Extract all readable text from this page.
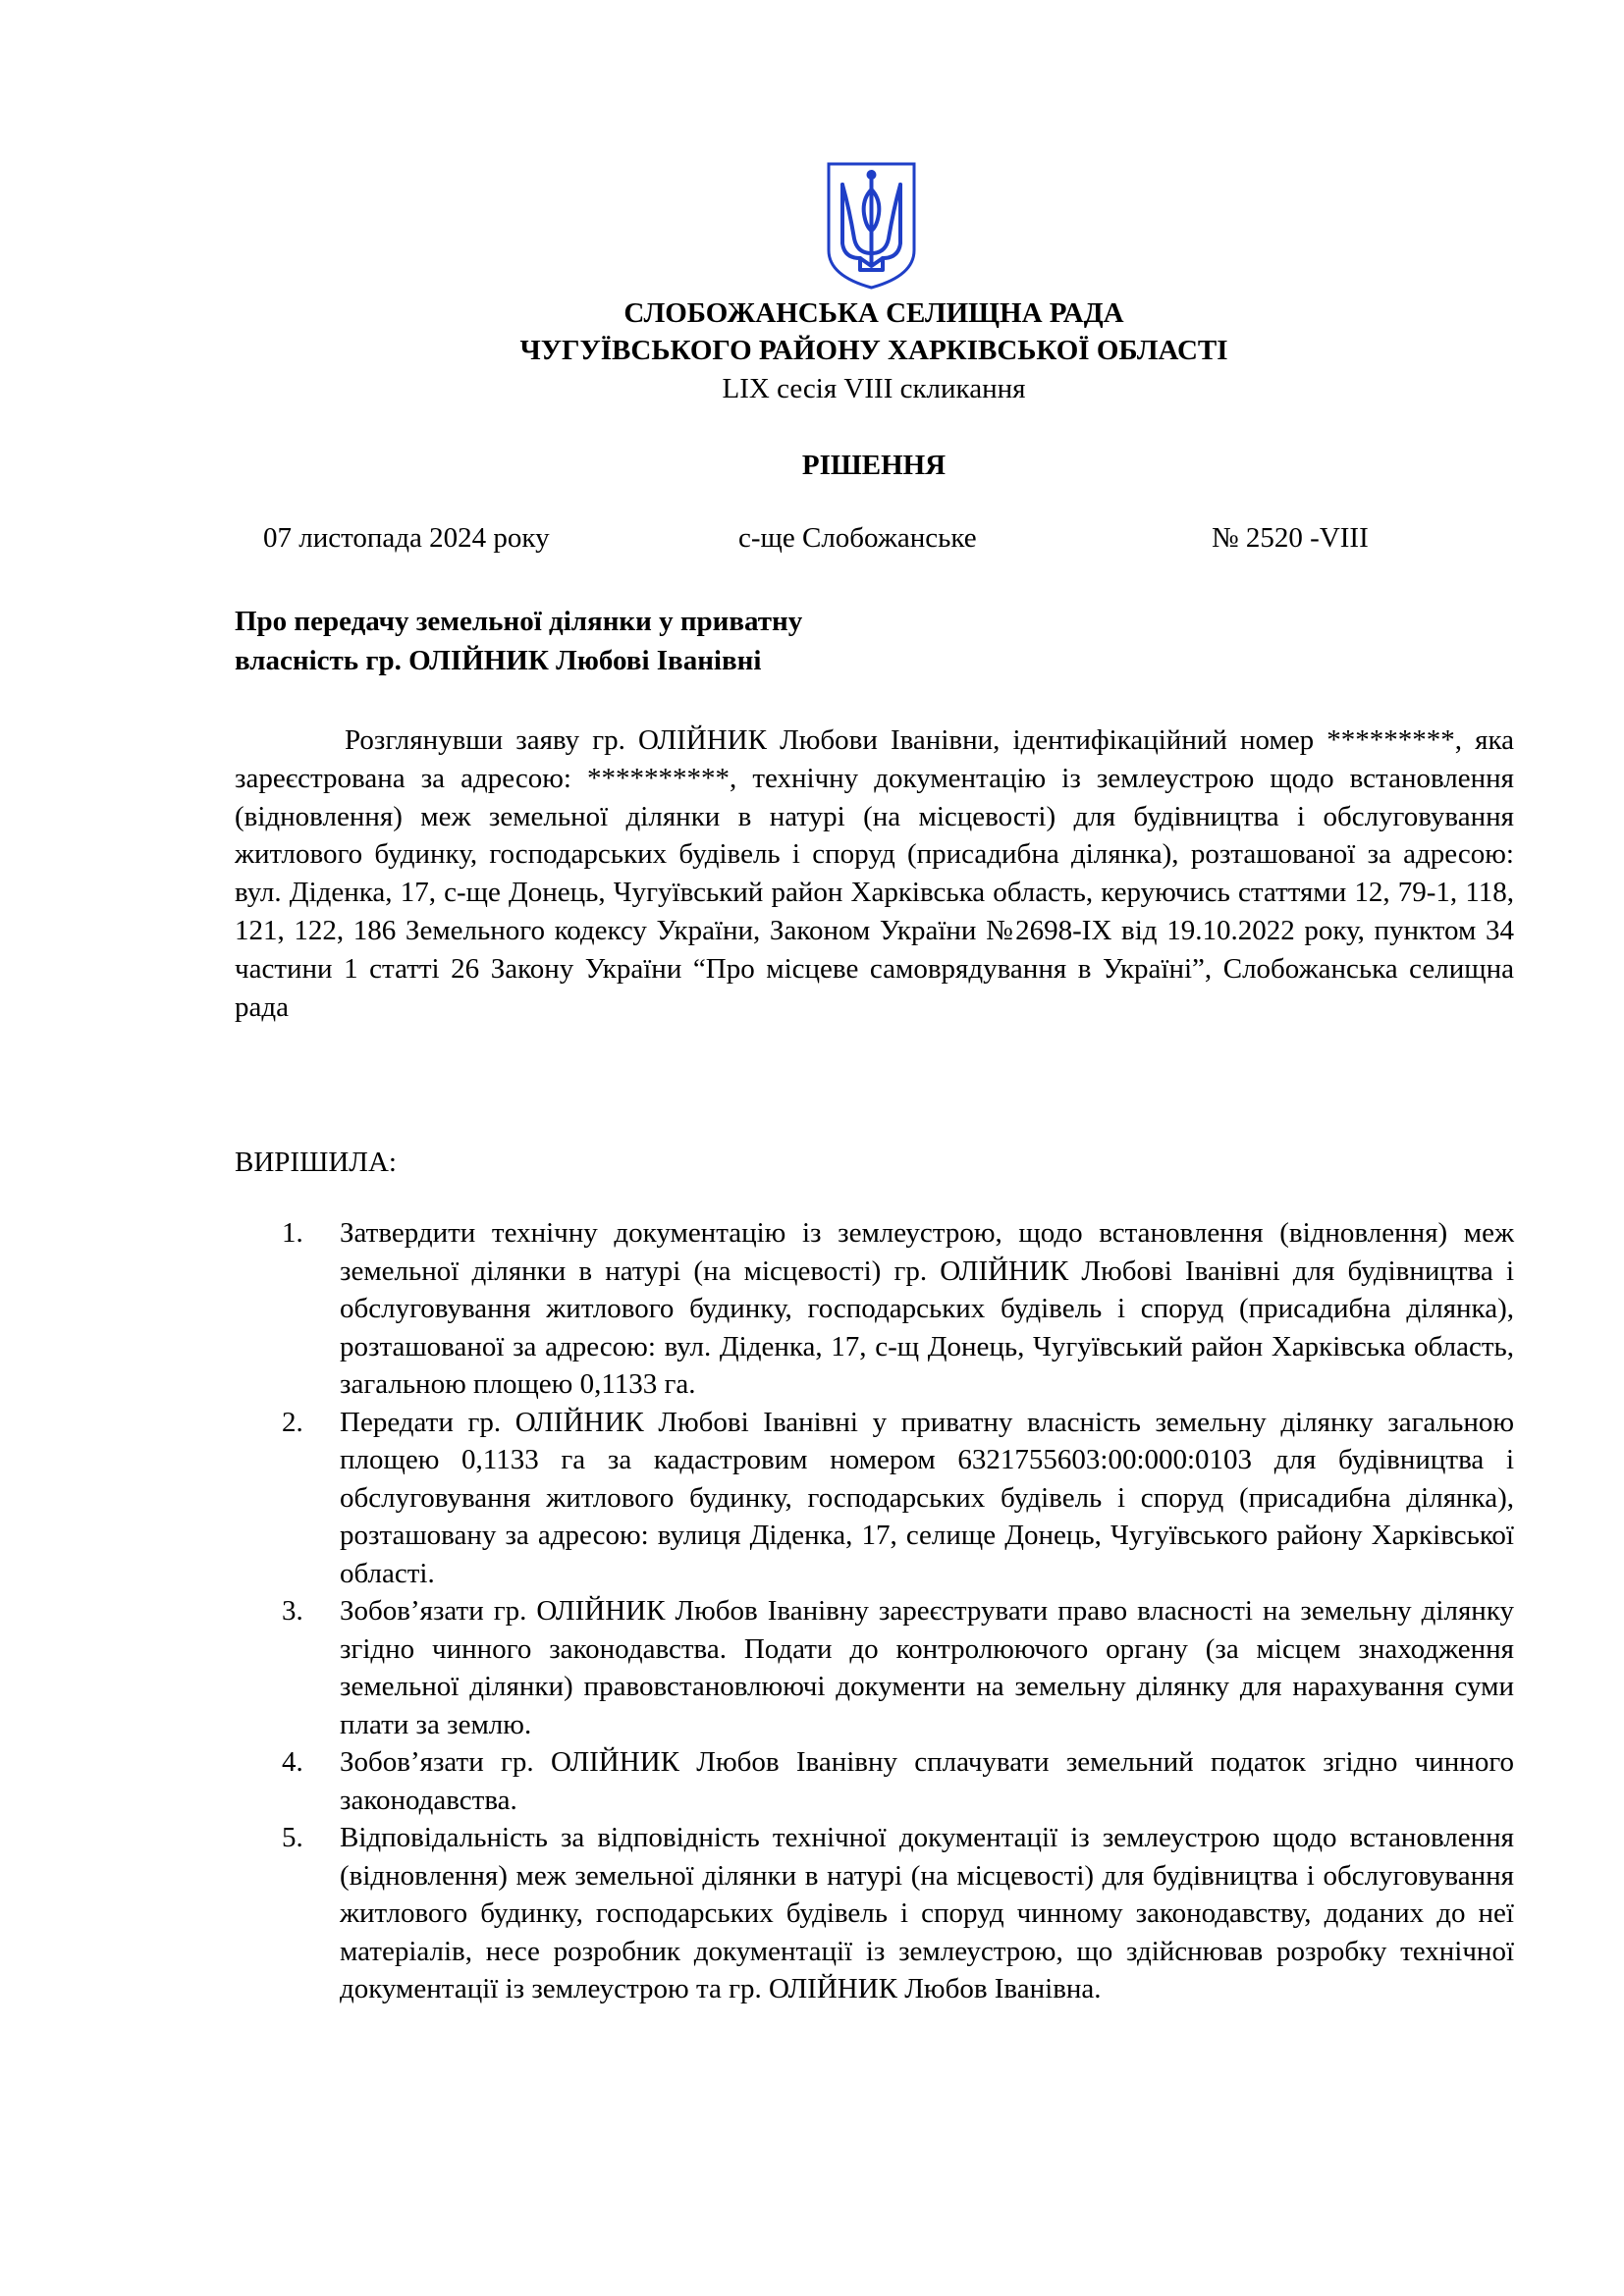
СЛОБОЖАНСЬКА СЕЛИЩНА РАДА
ЧУГУЇВСЬКОГО РАЙОНУ ХАРКІВСЬКОЇ ОБЛАСТІ
LIX сесія VIII скликання
РІШЕННЯ
07 листопада 2024 року	с-ще Слобожанське	№ 2520 -VIII
Про передачу земельної ділянки у приватну
власність гр. ОЛІЙНИК Любові Іванівні
Розглянувши заяву гр. ОЛІЙНИК Любови Іванівни, ідентифікаційний номер *********, яка зареєстрована за адресою: **********, технічну документацію із землеустрою щодо встановлення (відновлення) меж земельної ділянки в натурі (на місцевості) для будівництва і обслуговування житлового будинку, господарських будівель і споруд (присадибна ділянка), розташованої за адресою: вул. Діденка, 17, с-ще Донець, Чугуївський район Харківська область, керуючись статтями 12, 79-1, 118, 121, 122, 186 Земельного кодексу України, Законом України №2698-IX від 19.10.2022 року, пунктом 34 частини 1 статті 26 Закону України “Про місцеве самоврядування в Україні”, Слобожанська селищна рада
ВИРІШИЛА:
1. Затвердити технічну документацію із землеустрою, щодо встановлення (відновлення) меж земельної ділянки в натурі (на місцевості) гр. ОЛІЙНИК Любові Іванівні для будівництва і обслуговування житлового будинку, господарських будівель і споруд (присадибна ділянка), розташованої за адресою: вул. Діденка, 17, с-щ Донець, Чугуївський район Харківська область, загальною площею 0,1133 га.
2. Передати гр. ОЛІЙНИК Любові Іванівні у приватну власність земельну ділянку загальною площею 0,1133 га за кадастровим номером 6321755603:00:000:0103 для будівництва і обслуговування житлового будинку, господарських будівель і споруд (присадибна ділянка), розташовану за адресою: вулиця Діденка, 17, селище Донець, Чугуївського району Харківської області.
3. Зобов’язати гр. ОЛІЙНИК Любов Іванівну зареєструвати право власності на земельну ділянку згідно чинного законодавства. Подати до контролюючого органу (за місцем знаходження земельної ділянки) правовстановлюючі документи на земельну ділянку для нарахування суми плати за землю.
4. Зобов’язати гр. ОЛІЙНИК Любов Іванівну сплачувати земельний податок згідно чинного законодавства.
5. Відповідальність за відповідність технічної документації із землеустрою щодо встановлення (відновлення) меж земельної ділянки в натурі (на місцевості) для будівництва і обслуговування житлового будинку, господарських будівель і споруд чинному законодавству, доданих до неї матеріалів, несе розробник документації із землеустрою, що здійснював розробку технічної документації із землеустрою та гр. ОЛІЙНИК Любов Іванівна.
